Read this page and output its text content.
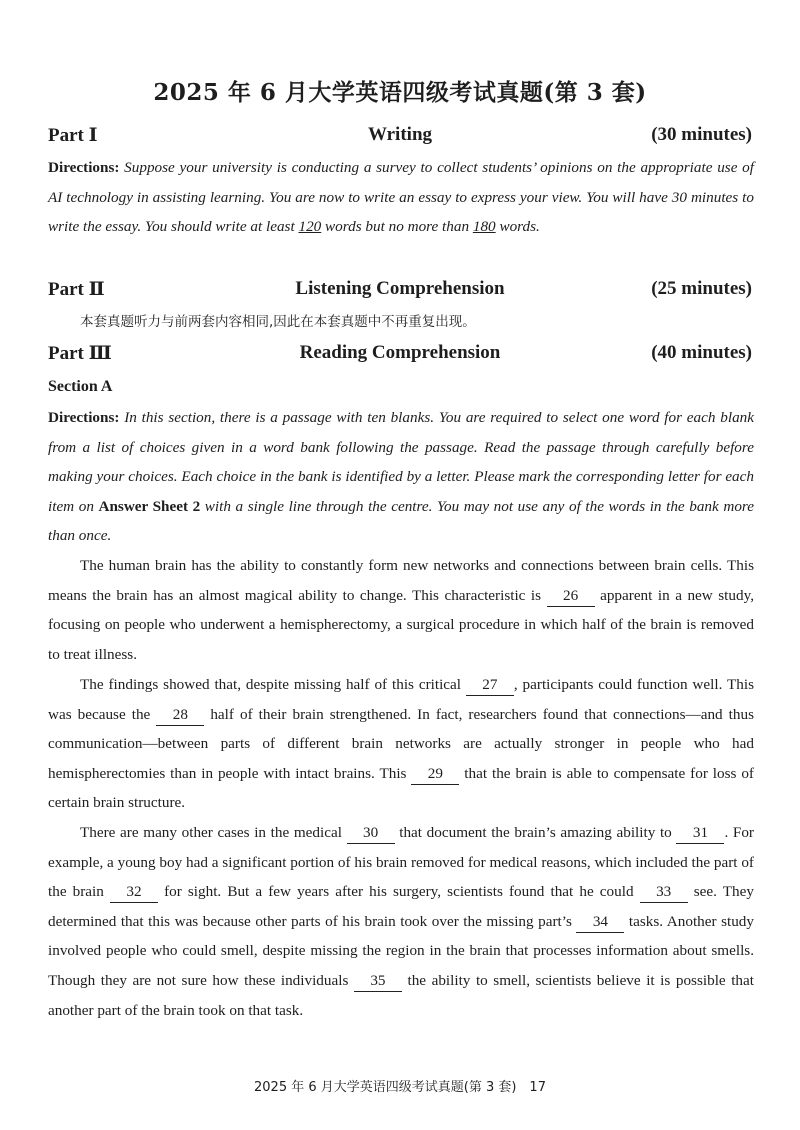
2025 年 6 月大学英语四级考试真题(第 3 套)
Part Ⅰ	Writing	(30 minutes)

Directions: Suppose your university is conducting a survey to collect students’ opinions on the appropriate use of AI technology in assisting learning. You are now to write an essay to express your view. You will have 30 minutes to write the essay. You should write at least 120 words but no more than 180 words.

Part Ⅱ	Listening Comprehension	(25 minutes)

本套真题听力与前两套内容相同,因此在本套真题中不再重复出现。

Part Ⅲ	Reading Comprehension	(40 minutes)
Section A

Directions: In this section, there is a passage with ten blanks. You are required to select one word for each blank from a list of choices given in a word bank following the passage. Read the passage through carefully before making your choices. Each choice in the bank is identified by a letter. Please mark the corresponding letter for each item on Answer Sheet 2 with a single line through the centre. You may not use any of the words in the bank more than once.

The human brain has the ability to constantly form new networks and connections between brain cells. This means the brain has an almost magical ability to change. This characteristic is 26 apparent in a new study, focusing on people who underwent a hemispherectomy, a surgical procedure in which half of the brain is removed to treat illness.

The findings showed that, despite missing half of this critical 27 , participants could function well. This was because the 28 half of their brain strengthened. In fact, researchers found that connections—and thus communication—between parts of different brain networks are actually stronger in people who had hemispherectomies than in people with intact brains. This 29 that the brain is able to compensate for loss of certain brain structure.

There are many other cases in the medical 30 that document the brain’s amazing ability to 31 . For example, a young boy had a significant portion of his brain removed for medical reasons, which included the part of the brain 32 for sight. But a few years after his surgery, scientists found that he could 33 see. They determined that this was because other parts of his brain took over the missing part’s 34 tasks. Another study involved people who could smell, despite missing the region in the brain that processes information about smells. Though they are not sure how these individuals 35 the ability to smell, scientists believe it is possible that another part of the brain took on that task.

2025 年 6 月大学英语四级考试真题(第 3 套)　17
